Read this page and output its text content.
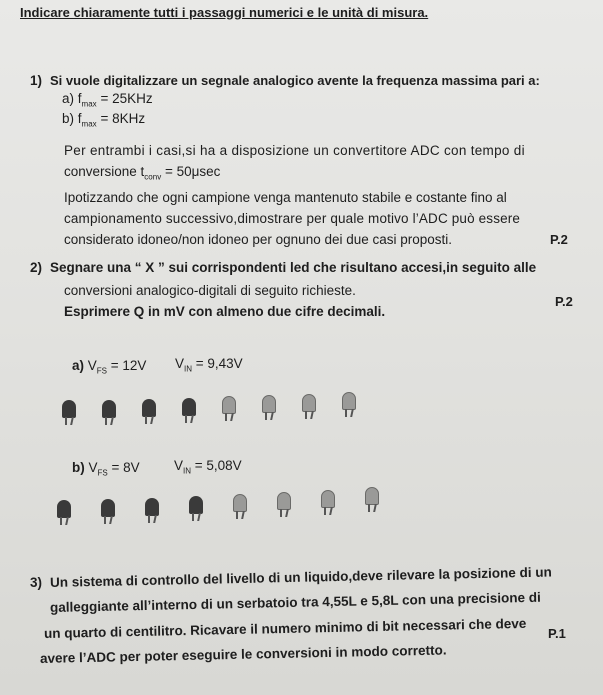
Indicare chiaramente tutti i passaggi numerici e le unità di misura.
1) Si vuole digitalizzare un segnale analogico avente la frequenza massima pari a:
a) $f_{max} = 25KHz$
b) $f_{max} = 8KHz$
Per entrambi i casi,si ha a disposizione un convertitore ADC con tempo di
conversione $t_{conv} = 50\mu\sec$
Ipotizzando che ogni campione venga mantenuto stabile e costante fino al
campionamento successivo,dimostrare per quale motivo l’ADC può essere
considerato idoneo/non idoneo per ognuno dei due casi proposti.	P.2
2) Segnare una “ X ” sui corrispondenti led che risultano accesi,in seguito alle
conversioni analogico-digitali di seguito richieste.
Esprimere Q in mV con almeno due cifre decimali.
P.2
a) $V_{FS} = 12V$ $V_{IN} = 9,43V$
b) $V_{FS} = 8V$	$V_{IN} = 5,08V$
3) Un sistema di controllo del livello di un liquido,deve rilevare la posizione di un
galleggiante all’interno di un serbatoio tra 4,55L e 5,8L con una precisione di
un quarto di centilitro. Ricavare il numero minimo di bit necessari che deve
avere l’ADC per poter eseguire le conversioni in modo corretto.
P.1
